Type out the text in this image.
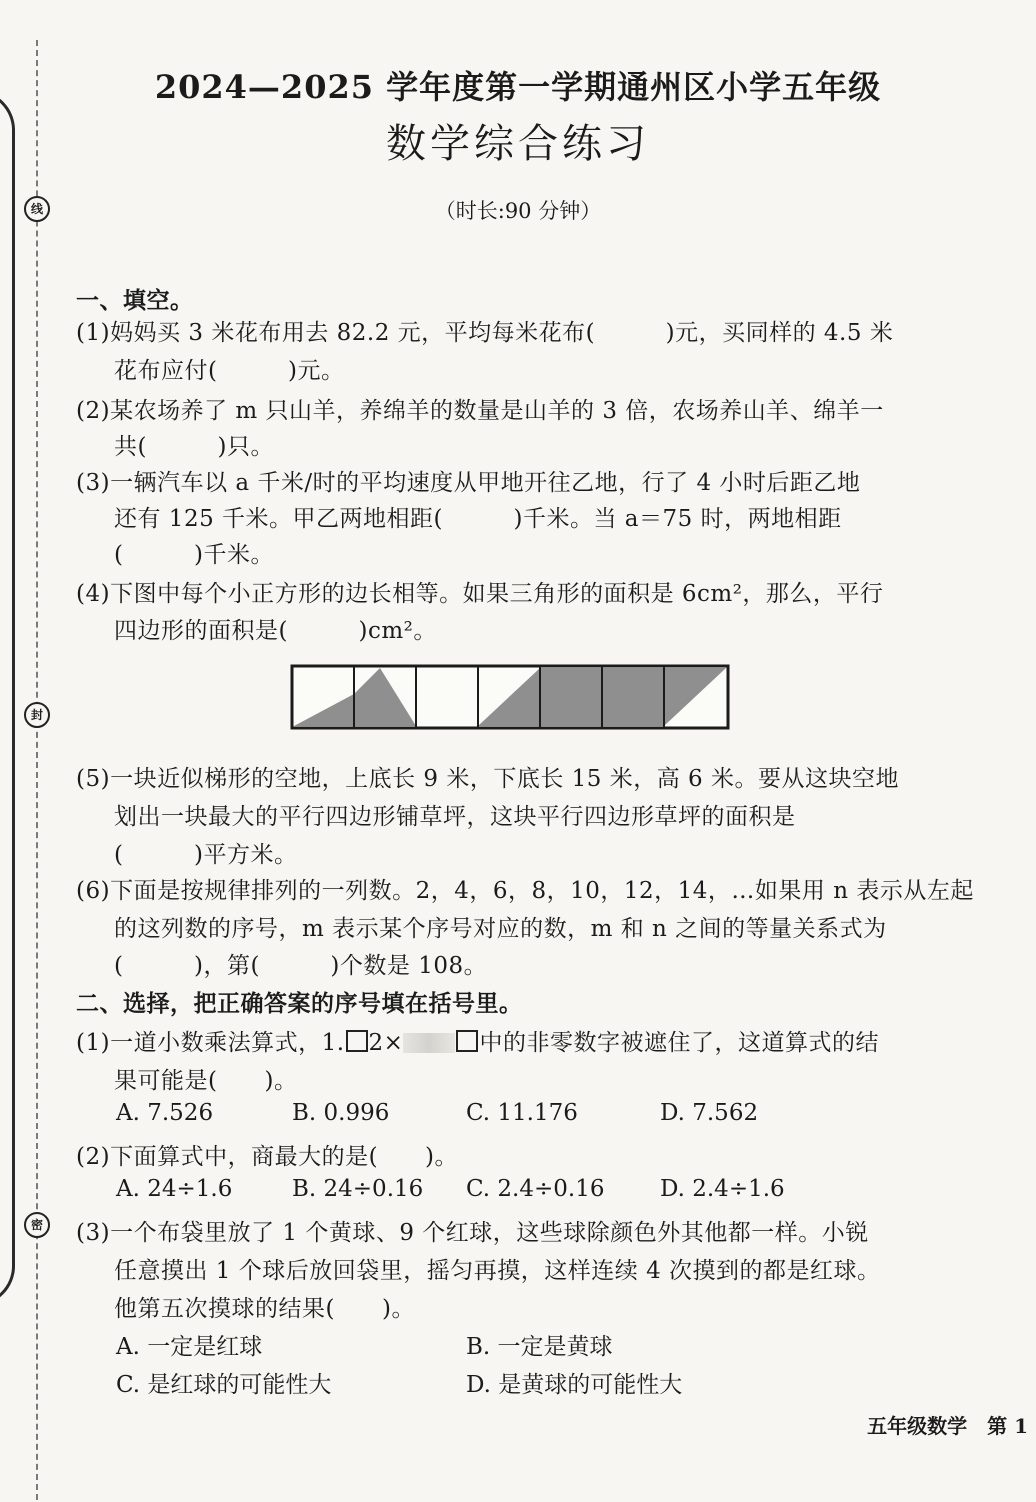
线
封
密
2024—2025 学年度第一学期通州区小学五年级
数学综合练习
（时长:90 分钟）
一、填空。
(1)妈妈买 3 米花布用去 82.2 元，平均每米花布(　　　)元，买同样的 4.5 米
花布应付(　　　)元。
(2)某农场养了 m 只山羊，养绵羊的数量是山羊的 3 倍，农场养山羊、绵羊一
共(　　　)只。
(3)一辆汽车以 a 千米/时的平均速度从甲地开往乙地，行了 4 小时后距乙地
还有 125 千米。甲乙两地相距(　　　)千米。当 a＝75 时，两地相距
(　　　)千米。
(4)下图中每个小正方形的边长相等。如果三角形的面积是 6cm²，那么，平行
四边形的面积是(　　　)cm²。
(5)一块近似梯形的空地，上底长 9 米，下底长 15 米，高 6 米。要从这块空地
划出一块最大的平行四边形铺草坪，这块平行四边形草坪的面积是
(　　　)平方米。
(6)下面是按规律排列的一列数。2，4，6，8，10，12，14，…如果用 n 表示从左起
的这列数的序号，m 表示某个序号对应的数，m 和 n 之间的等量关系式为
(　　　)，第(　　　)个数是 108。
二、选择，把正确答案的序号填在括号里。
(1)一道小数乘法算式，1. 2×	中的非零数字被遮住了，这道算式的结
果可能是(　　)。
A. 7.526	B. 0.996	C. 11.176	D. 7.562
(2)下面算式中，商最大的是(　　)。
A. 24÷1.6	B. 24÷0.16 C. 2.4÷0.16 D. 2.4÷1.6
(3)一个布袋里放了 1 个黄球、9 个红球，这些球除颜色外其他都一样。小锐
任意摸出 1 个球后放回袋里，摇匀再摸，这样连续 4 次摸到的都是红球。
他第五次摸球的结果(　　)。
A. 一定是红球	B. 一定是黄球
C. 是红球的可能性大	D. 是黄球的可能性大
五年级数学　第 1
